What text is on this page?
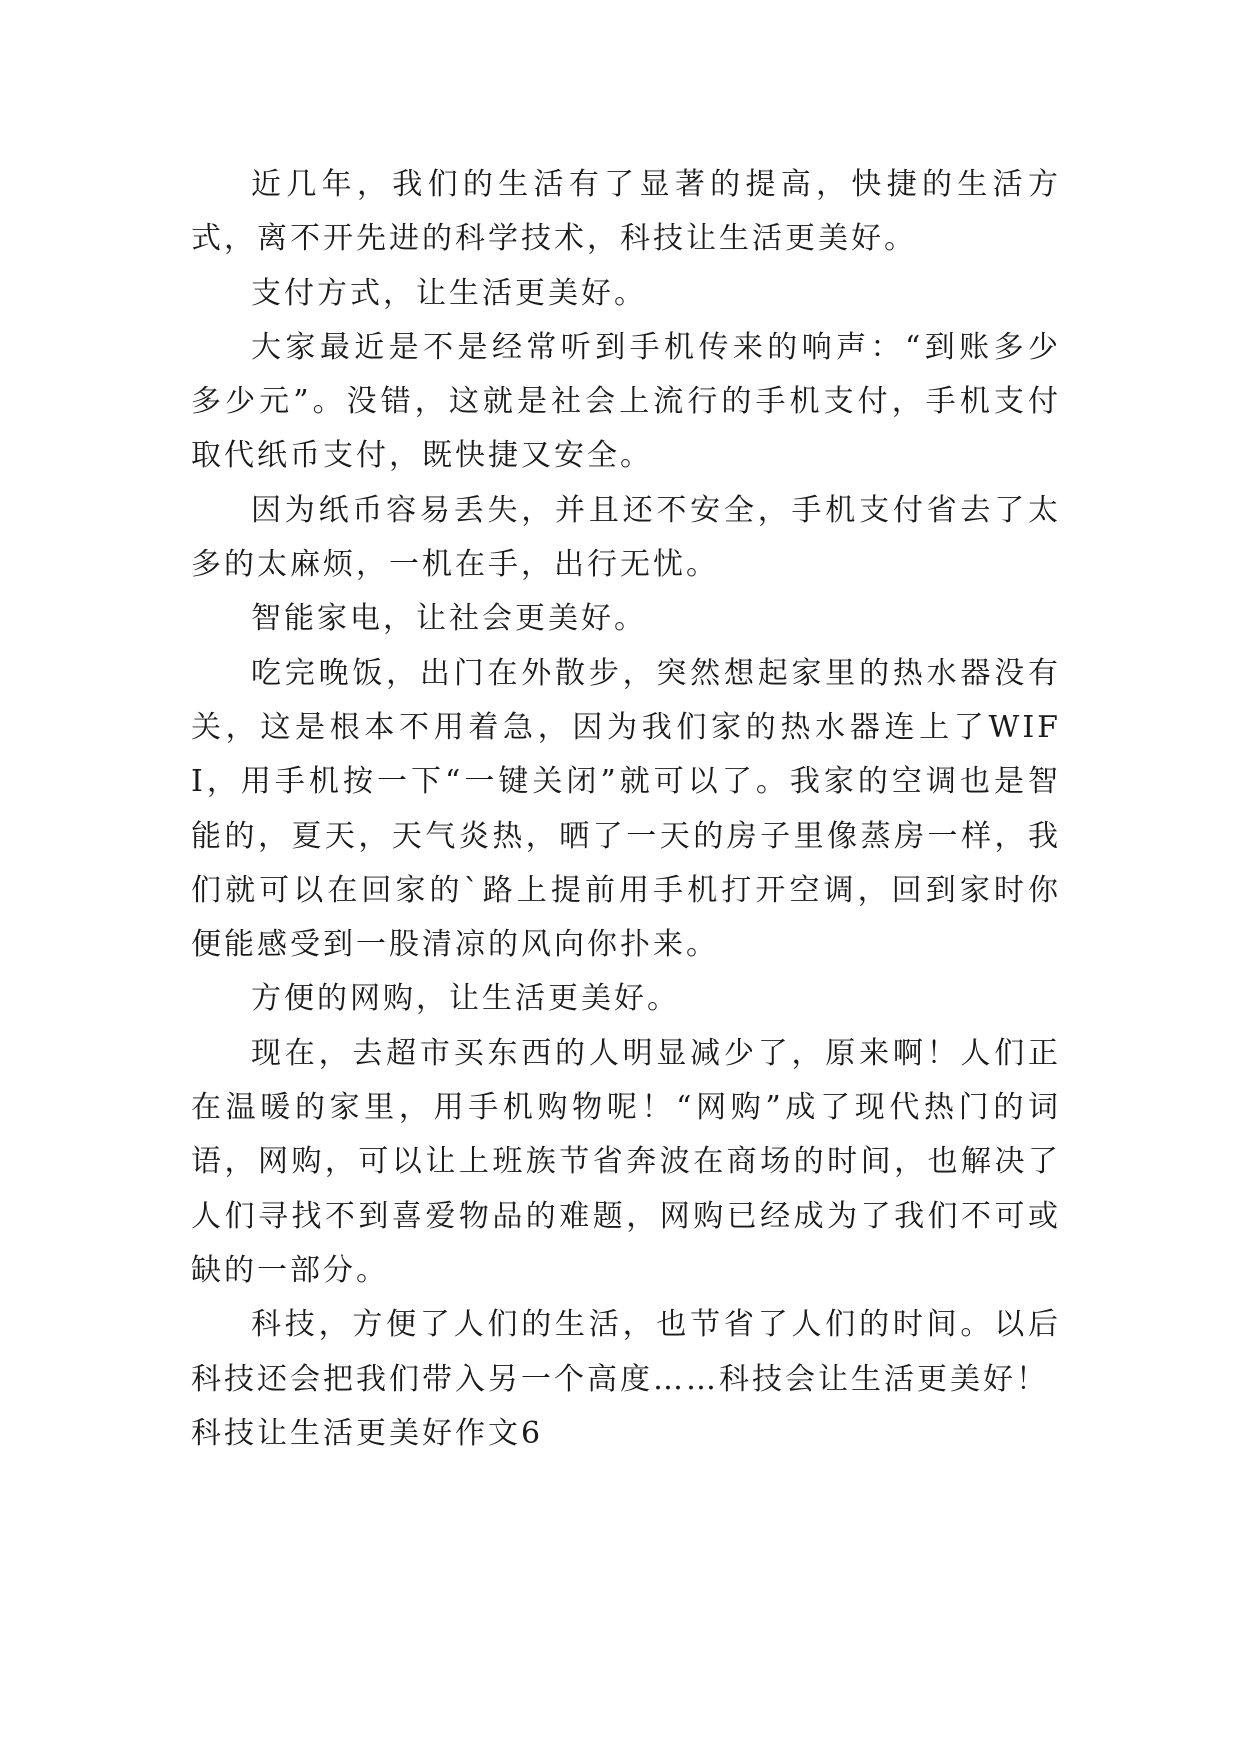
近几年，我们的生活有了显著的提高，快捷的生活方式，离不开先进的科学技术，科技让生活更美好。

支付方式，让生活更美好。

大家最近是不是经常听到手机传来的响声：“到账多少多少元”。没错，这就是社会上流行的手机支付，手机支付取代纸币支付，既快捷又安全。

因为纸币容易丢失，并且还不安全，手机支付省去了太多的太麻烦，一机在手，出行无忧。

智能家电，让社会更美好。

吃完晚饭，出门在外散步，突然想起家里的热水器没有关，这是根本不用着急，因为我们家的热水器连上了WIFI，用手机按一下“一键关闭”就可以了。我家的空调也是智能的，夏天，天气炎热，晒了一天的房子里像蒸房一样，我们就可以在回家的`路上提前用手机打开空调，回到家时你便能感受到一股清凉的风向你扑来。

方便的网购，让生活更美好。

现在，去超市买东西的人明显减少了，原来啊！人们正在温暖的家里，用手机购物呢！“网购”成了现代热门的词语，网购，可以让上班族节省奔波在商场的时间，也解决了人们寻找不到喜爱物品的难题，网购已经成为了我们不可或缺的一部分。

科技，方便了人们的生活，也节省了人们的时间。以后科技还会把我们带入另一个高度……科技会让生活更美好！

科技让生活更美好作文6
